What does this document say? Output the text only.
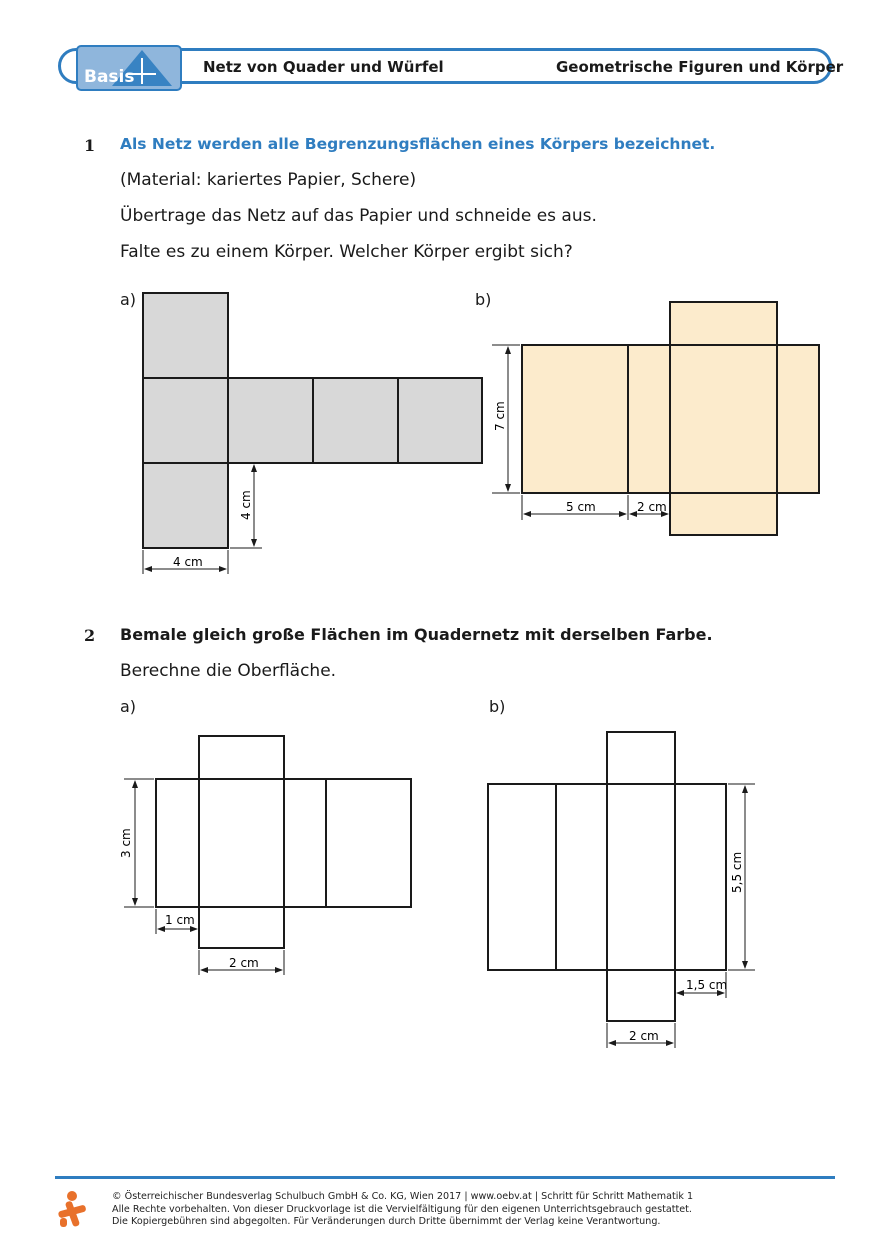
Basis	Netz von Quader und Würfel	Geometrische Figuren und Körper
1 Als Netz werden alle Begrenzungsflächen eines Körpers bezeichnet.
(Material: kariertes Papier, Schere)
Übertrage das Netz auf das Papier und schneide es aus.
Falte es zu einem Körper. Welcher Körper ergibt sich?
a)	b)
4 cm
4 cm
7 cm
5 cm	2 cm
3 cm
1 cm
2 cm
5,5 cm
1,5 cm
2 cm
2 Bemale gleich große Flächen im Quadernetz mit derselben Farbe.
Berechne die Oberfläche.
a)	b)
© Österreichischer Bundesverlag Schulbuch GmbH & Co. KG, Wien 2017 | www.oebv.at | Schritt für Schritt Mathematik 1
Alle Rechte vorbehalten. Von dieser Druckvorlage ist die Vervielfältigung für den eigenen Unterrichtsgebrauch gestattet.
Die Kopiergebühren sind abgegolten. Für Veränderungen durch Dritte übernimmt der Verlag keine Verantwortung.
